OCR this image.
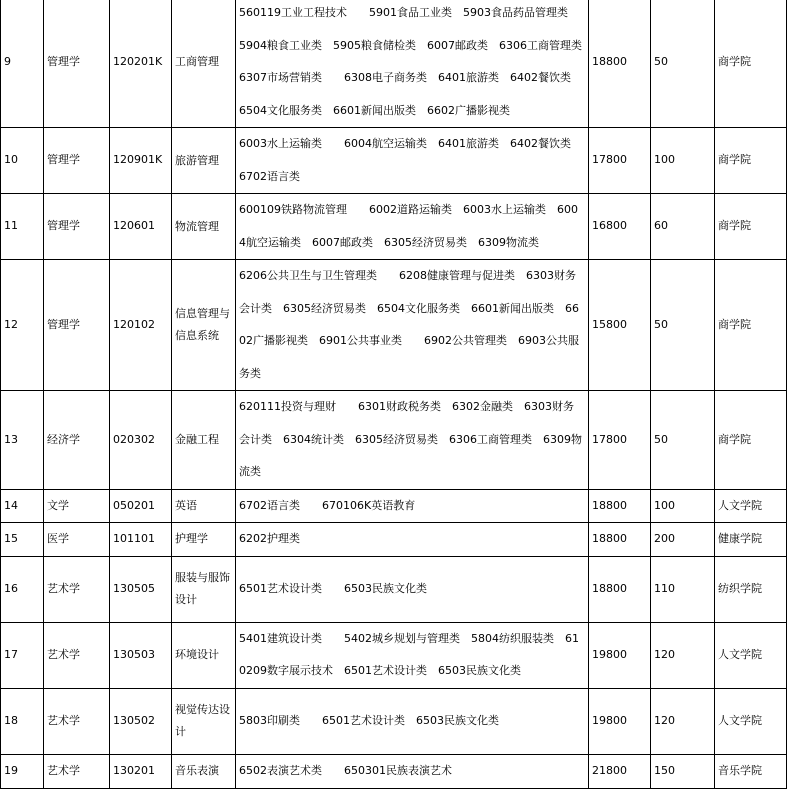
9	管理学	120201K	工商管理	560119工业工程技术　　5901食品工业类　5903食品药品管理类　5904粮食工业类　5905粮食储检类　6007邮政类　6306工商管理类　6307市场营销类　　6308电子商务类　6401旅游类　6402餐饮类　6504文化服务类　6601新闻出版类　6602广播影视类	18800	50	商学院
10	管理学	120901K	旅游管理	6003水上运输类　　6004航空运输类　6401旅游类　6402餐饮类　6702语言类	17800	100	商学院
11	管理学	120601	物流管理	600109铁路物流管理　　6002道路运输类　6003水上运输类　6004航空运输类　6007邮政类　6305经济贸易类　6309物流类	16800	60	商学院
12	管理学	120102	信息管理与信息系统	6206公共卫生与卫生管理类　　6208健康管理与促进类　6303财务会计类　6305经济贸易类　6504文化服务类　6601新闻出版类　6602广播影视类　6901公共事业类　　6902公共管理类　6903公共服务类	15800	50	商学院
13	经济学	020302	金融工程	620111投资与理财　　6301财政税务类　6302金融类　6303财务会计类　6304统计类　6305经济贸易类　6306工商管理类　6309物流类	17800	50	商学院
14	文学	050201	英语	6702语言类　　670106K英语教育	18800	100	人文学院
15	医学	101101	护理学	6202护理类	18800	200	健康学院
16	艺术学	130505	服装与服饰设计	6501艺术设计类　　6503民族文化类	18800	110	纺织学院
17	艺术学	130503	环境设计	5401建筑设计类　　5402城乡规划与管理类　5804纺织服装类　610209数字展示技术　6501艺术设计类　6503民族文化类	19800	120	人文学院
18	艺术学	130502	视觉传达设计	5803印刷类　　6501艺术设计类　6503民族文化类	19800	120	人文学院
19	艺术学	130201	音乐表演	6502表演艺术类　　650301民族表演艺术	21800	150	音乐学院
